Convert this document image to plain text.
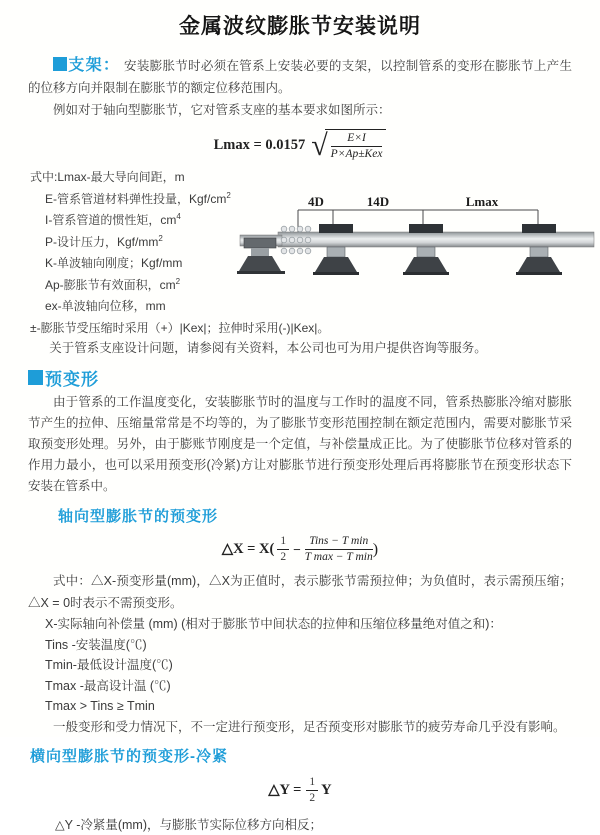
金属波纹膨胀节安装说明

支架： 安装膨胀节时必须在管系上安装必要的支架，以控制管系的变形在膨胀节上产生的位移方向并限制在膨胀节的额定位移范围内。

例如对于轴向型膨胀节，它对管系支座的基本要求如图所示：

Lmax = 0.0157 √ $\frac{E\times I}{\text{P×Ap±Kex}}$
式中:Lmax-最大导向间距，m
E-管系管道材料弹性投量，Kgf/$cm^2$
I-管系管道的惯性矩，$cm^4$
P-设计压力，Kgf/$mm^2$
K-单波轴向刚度；Kgf/mm
Ap-膨胀节有效面积，$cm^2$
ex-单波轴向位移，mm
±-膨胀节受压缩时采用（+）|Kex|；拉伸时采用(-)|Kex|。
关于管系支座设计问题，请参阅有关资料，本公司也可为用户提供咨询等服务。
4D	14D	Lmax
预变形

由于管系的工作温度变化，安装膨胀节时的温度与工作时的温度不同，管系热膨胀冷缩对膨胀节产生的拉伸、压缩量常常是不均等的，为了膨胀节变形范围控制在额定范围内，需要对膨胀节采取预变形处理。另外，由于膨账节刚度是一个定值，与补偿量成正比。为了使膨胀节位移对管系的作用力最小，也可以采用预变形(冷紧)方让对膨胀节进行预变形处理后再将膨胀节在预变形状态下安装在管系中。

轴向型膨胀节的预变形
△X = $X( \frac{1}{2} - \frac{\text{Tins − T min}}{\text{T max − T min}}$ )

式中：△X-预变形量(mm)，△X为正值时，表示膨张节需预拉伸；为负值时，表示需预压缩；△X = 0时表示不需预变形。

X-实际轴向补偿量 (mm) (相对于膨胀节中间状态的拉伸和压缩位移量绝对值之和)：
Tins -安装温度(℃)
Tmin-最低设计温度(℃)
Tmax -最高设计温 (℃)
Tmax > Tins ≥ Tmin
一般变形和受力情况下，不一定进行预变形，足否预变形对膨胀节的疲劳寿命几乎没有影响。
横向型膨胀节的预变形-冷紧
△Y = $\frac{1}{2}$ Y
△Y -冷紧量(mm)，与膨胀节实际位移方向相反；
